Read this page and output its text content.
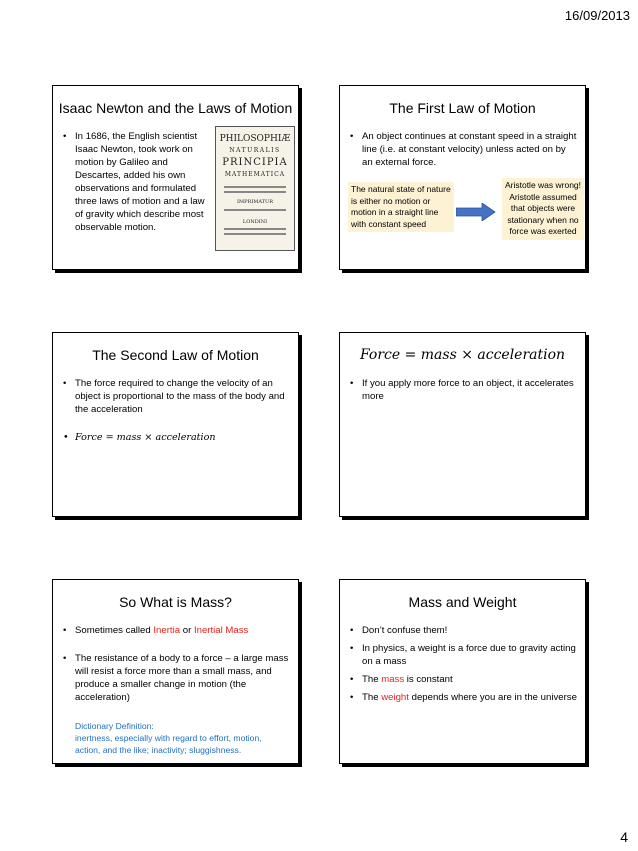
16/09/2013
Isaac Newton and the Laws of Motion
• In 1686, the English scientist Isaac Newton, took work on motion by Galileo and Descartes, added his own observations and formulated three laws of motion and a law of gravity which describe most observable motion.
PHILOSOPHIÆ
NATURALIS
PRINCIPIA
MATHEMATICA
IMPRIMATUR
LONDINI
The First Law of Motion
• An object continues at constant speed in a straight line (i.e. at constant velocity) unless acted on by an external force.
The natural state of nature is either no motion or motion in a straight line with constant speed
Aristotle was wrong! Aristotle assumed that objects were stationary when no force was exerted
The Second Law of Motion
• The force required to change the velocity of an object is proportional to the mass of the body and the acceleration
• Force = mass × acceleration
Force = mass × acceleration
• If you apply more force to an object, it accelerates more
So What is Mass?
• Sometimes called Inertia or Inertial Mass
• The resistance of a body to a force – a large mass will resist a force more than a small mass, and produce a smaller change in motion (the acceleration)
Dictionary Definition:
inertness, especially with regard to effort, motion, action, and the like; inactivity; sluggishness.
Mass and Weight
• Don’t confuse them!
• In physics, a weight is a force due to gravity acting on a mass
• The mass is constant
• The weight depends where you are in the universe
4
